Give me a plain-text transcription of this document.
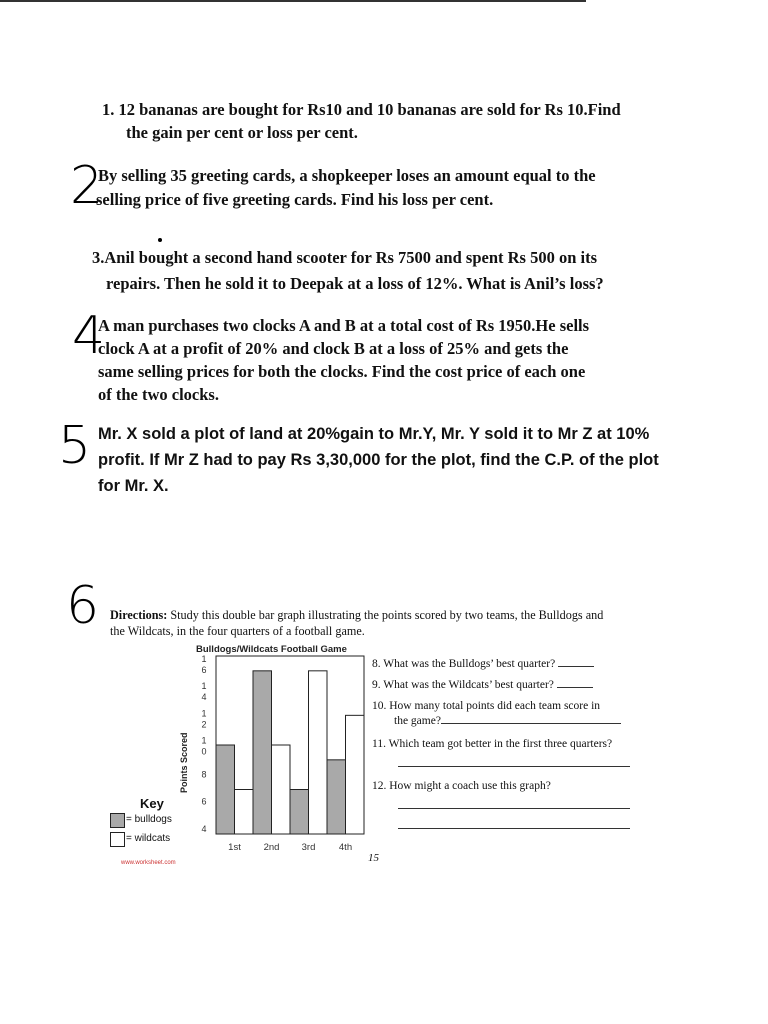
1. 12 bananas are bought for Rs10 and 10 bananas are sold for Rs 10.Find
the gain per cent or loss per cent.
2
By selling 35 greeting cards, a shopkeeper loses an amount equal to the
selling price of five greeting cards. Find his loss per cent.
3.Anil bought a second hand scooter for Rs 7500 and spent Rs 500 on its
repairs. Then he sold it to Deepak at a loss of 12%. What is Anil’s loss?
4
A man purchases two clocks A and B at a total cost of Rs 1950.He sells
clock A at a profit of 20% and clock B at a loss of 25% and gets the
same selling prices for both the clocks. Find the cost price of each one
of the two clocks.
5 Mr. X sold a plot of land at 20%gain to Mr.Y, Mr. Y sold it to Mr Z at 10%
profit. If Mr Z had to pay Rs 3,30,000 for the plot, find the C.P. of the plot
for Mr. X.
6 Directions: Study this double bar graph illustrating the points scored by two teams, the Bulldogs and
the Wildcats, in the four quarters of a football game.
Bulldogs/Wildcats Football Game
Points Scored
1 6
1 4
1 2
1 0
8
6
4
1st 2nd 3rd 4th
Key
= bulldogs
= wildcats
8. What was the Bulldogs’ best quarter?
9. What was the Wildcats’ best quarter?
10. How many total points did each team score in
the game?
11. Which team got better in the first three quarters?
12. How might a coach use this graph?
15
www.worksheet.com
